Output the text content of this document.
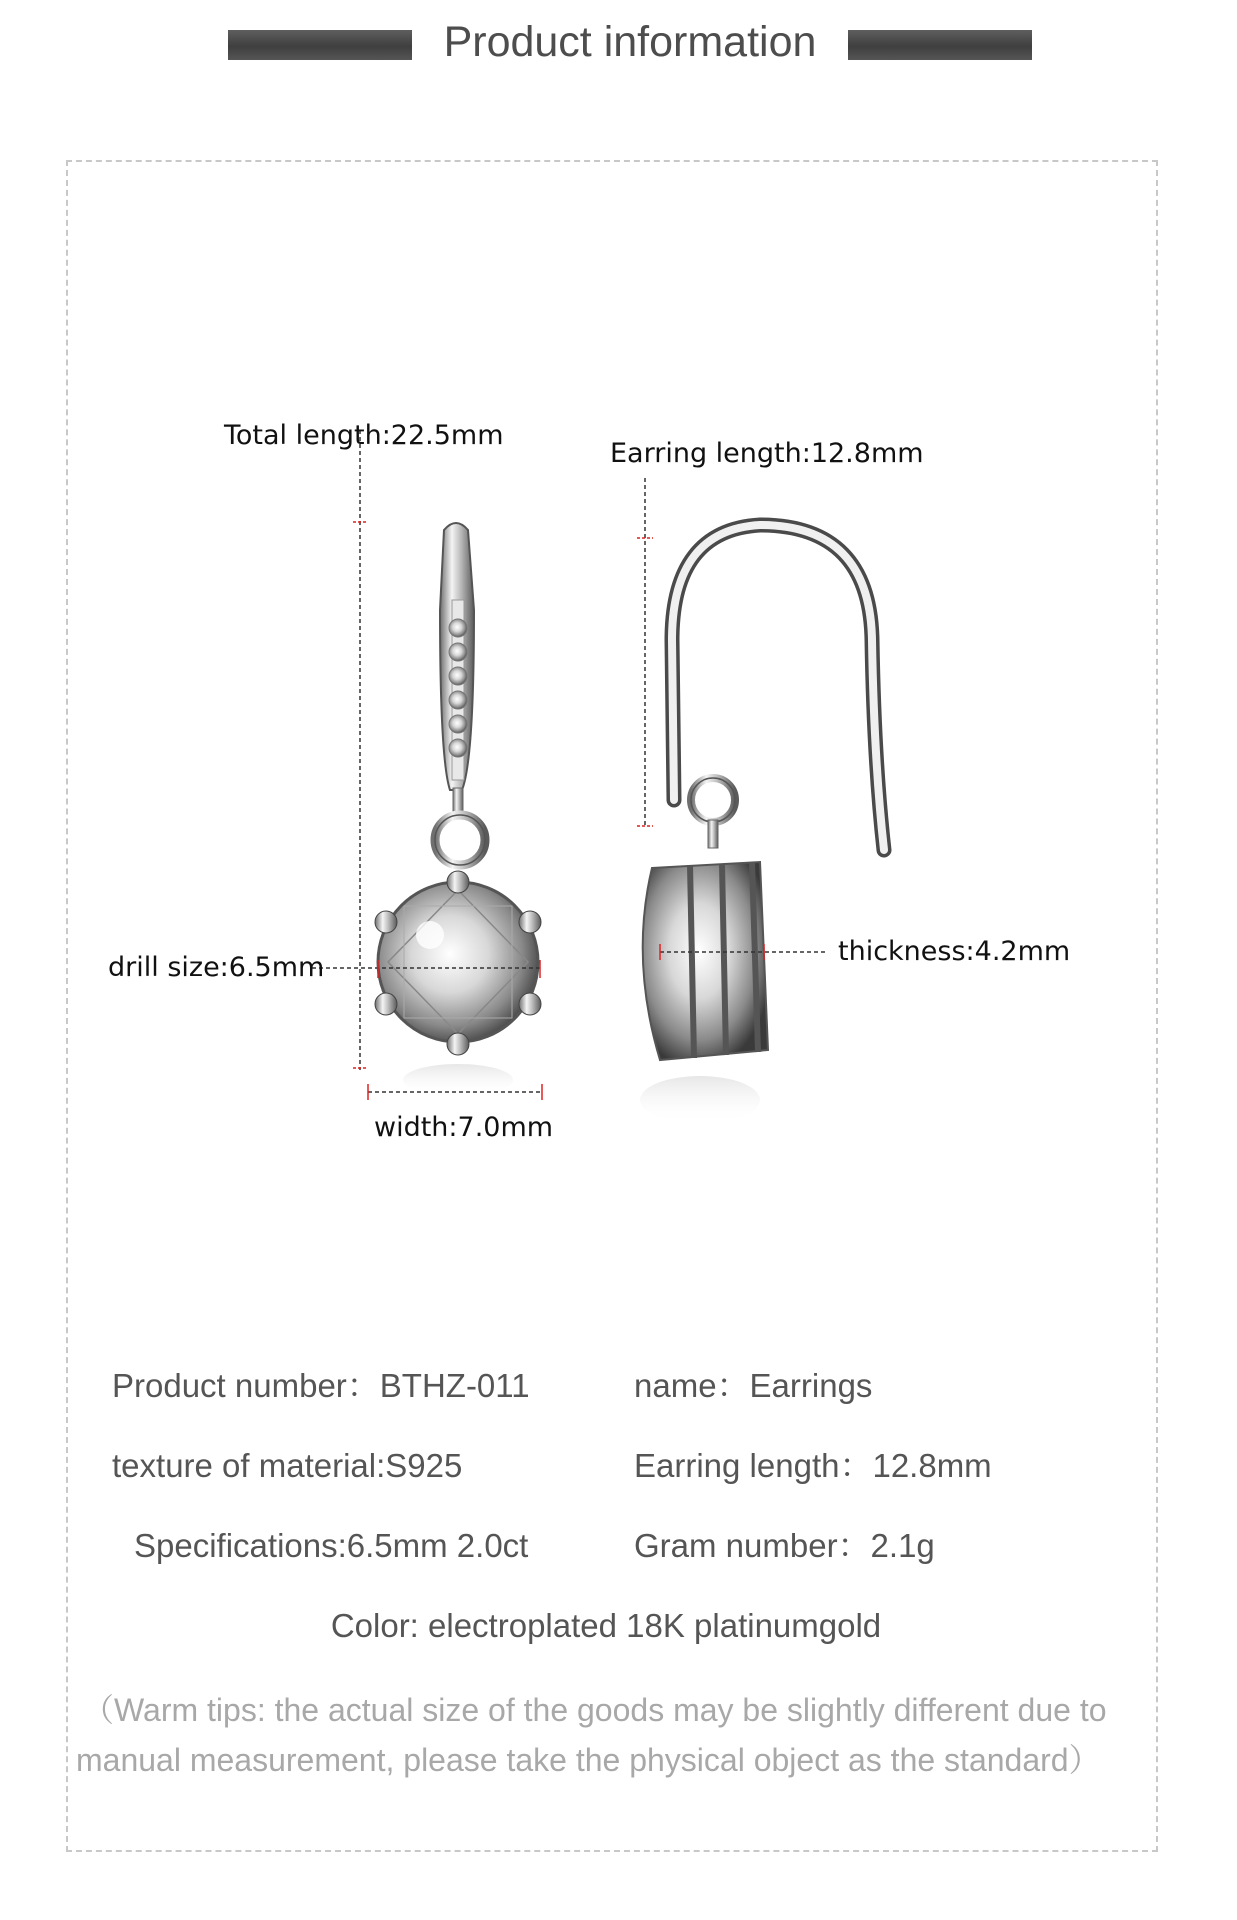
Product information
Total length:22.5mm
Earring length:12.8mm
drill size:6.5mm
thickness:4.2mm
width:7.0mm
Product number：BTHZ-011	name：Earrings
texture of material:S925	Earring length：12.8mm
Specifications:6.5mm 2.0ct	Gram number：2.1g
Color: electroplated 18K platinumgold
（Warm tips: the actual size of the goods may be slightly different due to
manual measurement, please take the physical object as the standard）
